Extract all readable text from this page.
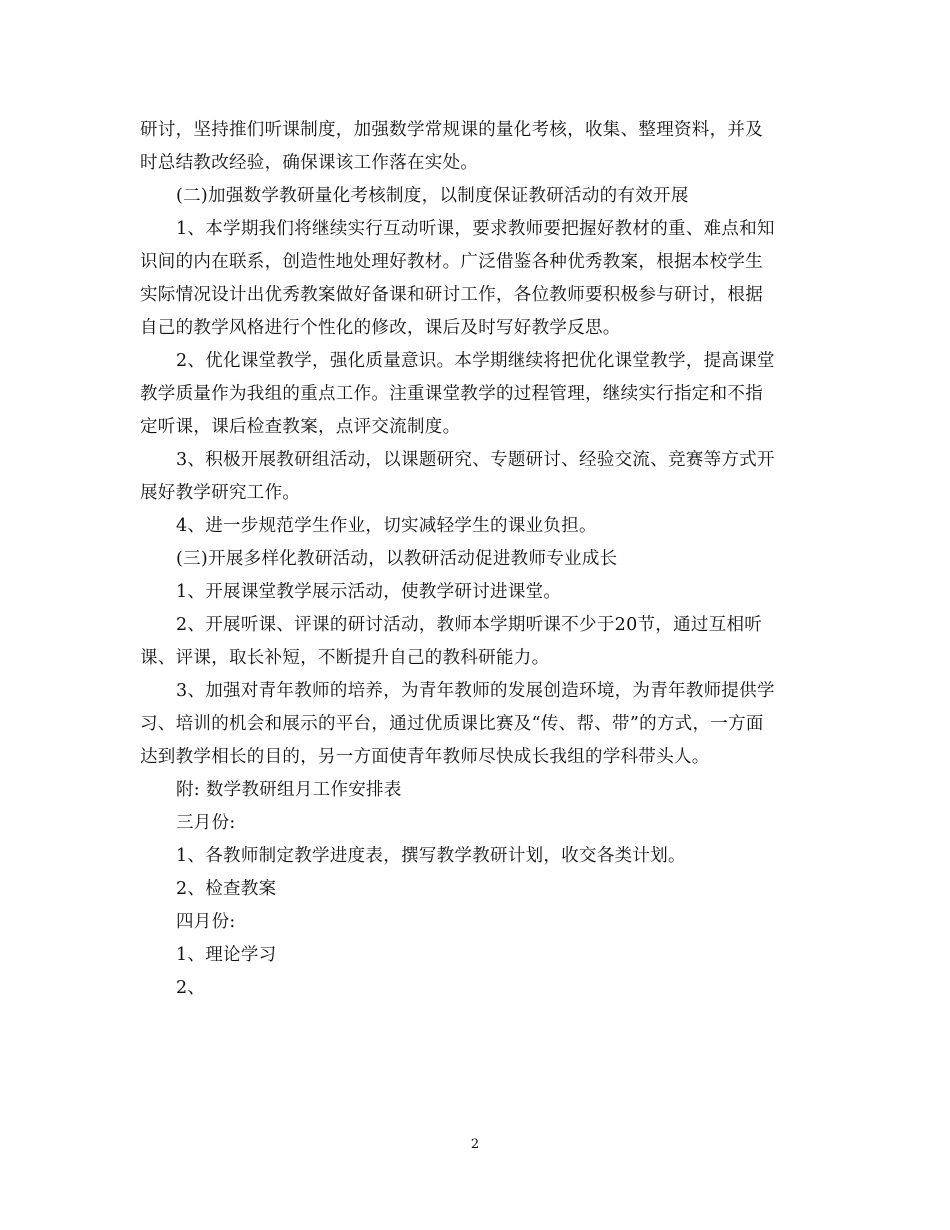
研讨，坚持推们听课制度，加强数学常规课的量化考核，收集、整理资料，并及
时总结教改经验，确保课该工作落在实处。
(二)加强数学教研量化考核制度，以制度保证教研活动的有效开展
1、本学期我们将继续实行互动听课，要求教师要把握好教材的重、难点和知
识间的内在联系，创造性地处理好教材。广泛借鉴各种优秀教案，根据本校学生
实际情况设计出优秀教案做好备课和研讨工作，各位教师要积极参与研讨，根据
自己的教学风格进行个性化的修改，课后及时写好教学反思。
2、优化课堂教学，强化质量意识。本学期继续将把优化课堂教学，提高课堂
教学质量作为我组的重点工作。注重课堂教学的过程管理，继续实行指定和不指
定听课，课后检查教案，点评交流制度。
3、积极开展教研组活动，以课题研究、专题研讨、经验交流、竞赛等方式开
展好教学研究工作。
4、进一步规范学生作业，切实减轻学生的课业负担。
(三)开展多样化教研活动，以教研活动促进教师专业成长
1、开展课堂教学展示活动，使教学研讨进课堂。
2、开展听课、评课的研讨活动，教师本学期听课不少于20节，通过互相听
课、评课，取长补短，不断提升自己的教科研能力。
3、加强对青年教师的培养，为青年教师的发展创造环境，为青年教师提供学
习、培训的机会和展示的平台，通过优质课比赛及“传、帮、带”的方式，一方面
达到教学相长的目的，另一方面使青年教师尽快成长我组的学科带头人。
附: 数学教研组月工作安排表
三月份:
1、各教师制定教学进度表，撰写教学教研计划，收交各类计划。
2、检查教案
四月份:
1、理论学习
2、
2
